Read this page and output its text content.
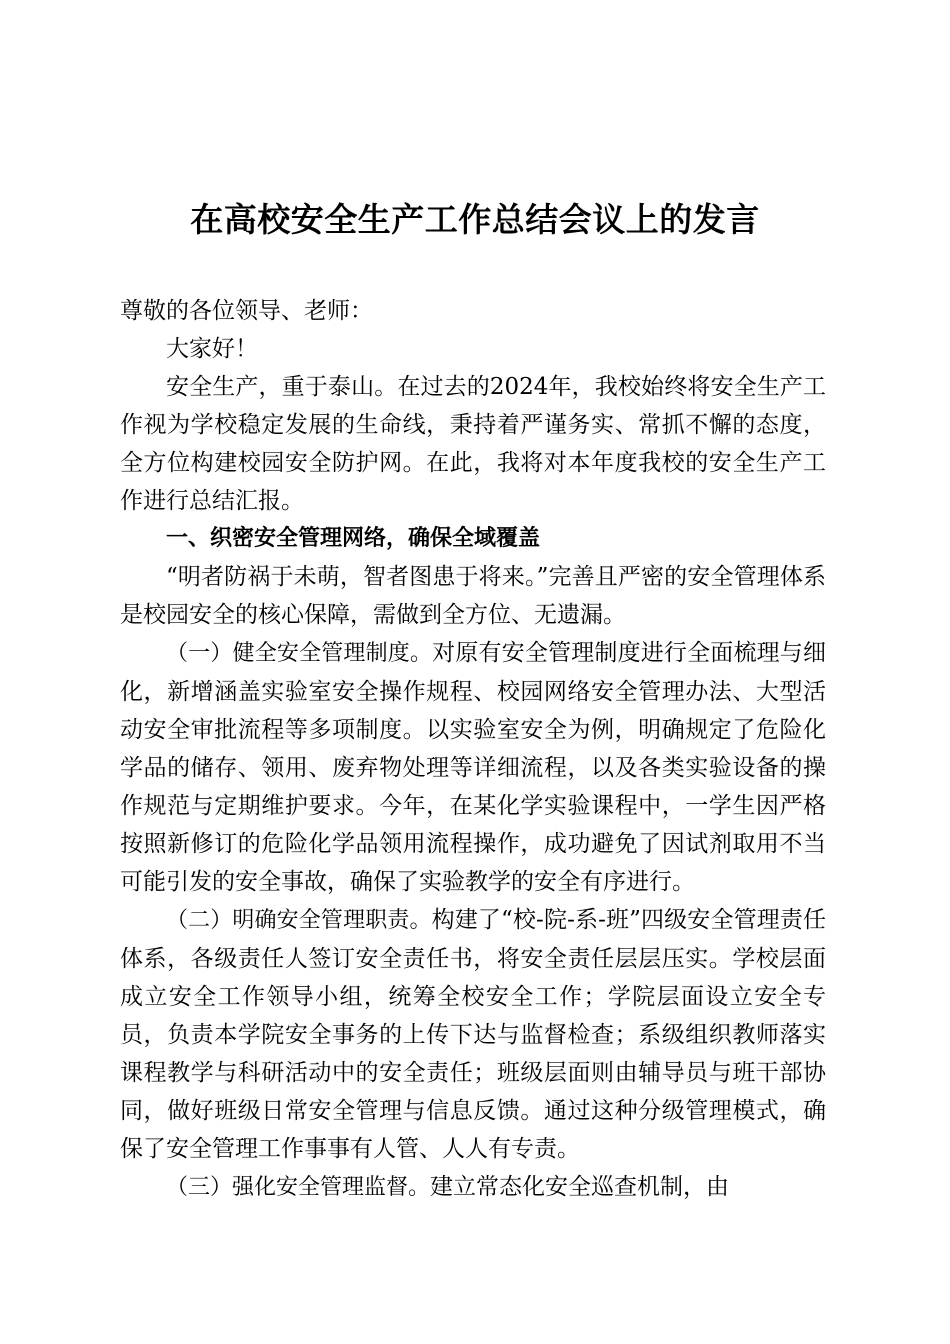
在高校安全生产工作总结会议上的发言

尊敬的各位领导、老师：

大家好！

安全生产，重于泰山。在过去的2024年，我校始终将安全生产工作视为学校稳定发展的生命线，秉持着严谨务实、常抓不懈的态度，全方位构建校园安全防护网。在此，我将对本年度我校的安全生产工作进行总结汇报。

一、织密安全管理网络，确保全域覆盖

“明者防祸于未萌，智者图患于将来。”完善且严密的安全管理体系是校园安全的核心保障，需做到全方位、无遗漏。

（一）健全安全管理制度。对原有安全管理制度进行全面梳理与细化，新增涵盖实验室安全操作规程、校园网络安全管理办法、大型活动安全审批流程等多项制度。以实验室安全为例，明确规定了危险化学品的储存、领用、废弃物处理等详细流程，以及各类实验设备的操作规范与定期维护要求。今年，在某化学实验课程中，一学生因严格按照新修订的危险化学品领用流程操作，成功避免了因试剂取用不当可能引发的安全事故，确保了实验教学的安全有序进行。

（二）明确安全管理职责。构建了“校-院-系-班”四级安全管理责任体系，各级责任人签订安全责任书，将安全责任层层压实。学校层面成立安全工作领导小组，统筹全校安全工作；学院层面设立安全专员，负责本学院安全事务的上传下达与监督检查；系级组织教师落实课程教学与科研活动中的安全责任；班级层面则由辅导员与班干部协同，做好班级日常安全管理与信息反馈。通过这种分级管理模式，确保了安全管理工作事事有人管、人人有专责。

（三）强化安全管理监督。建立常态化安全巡查机制，由
